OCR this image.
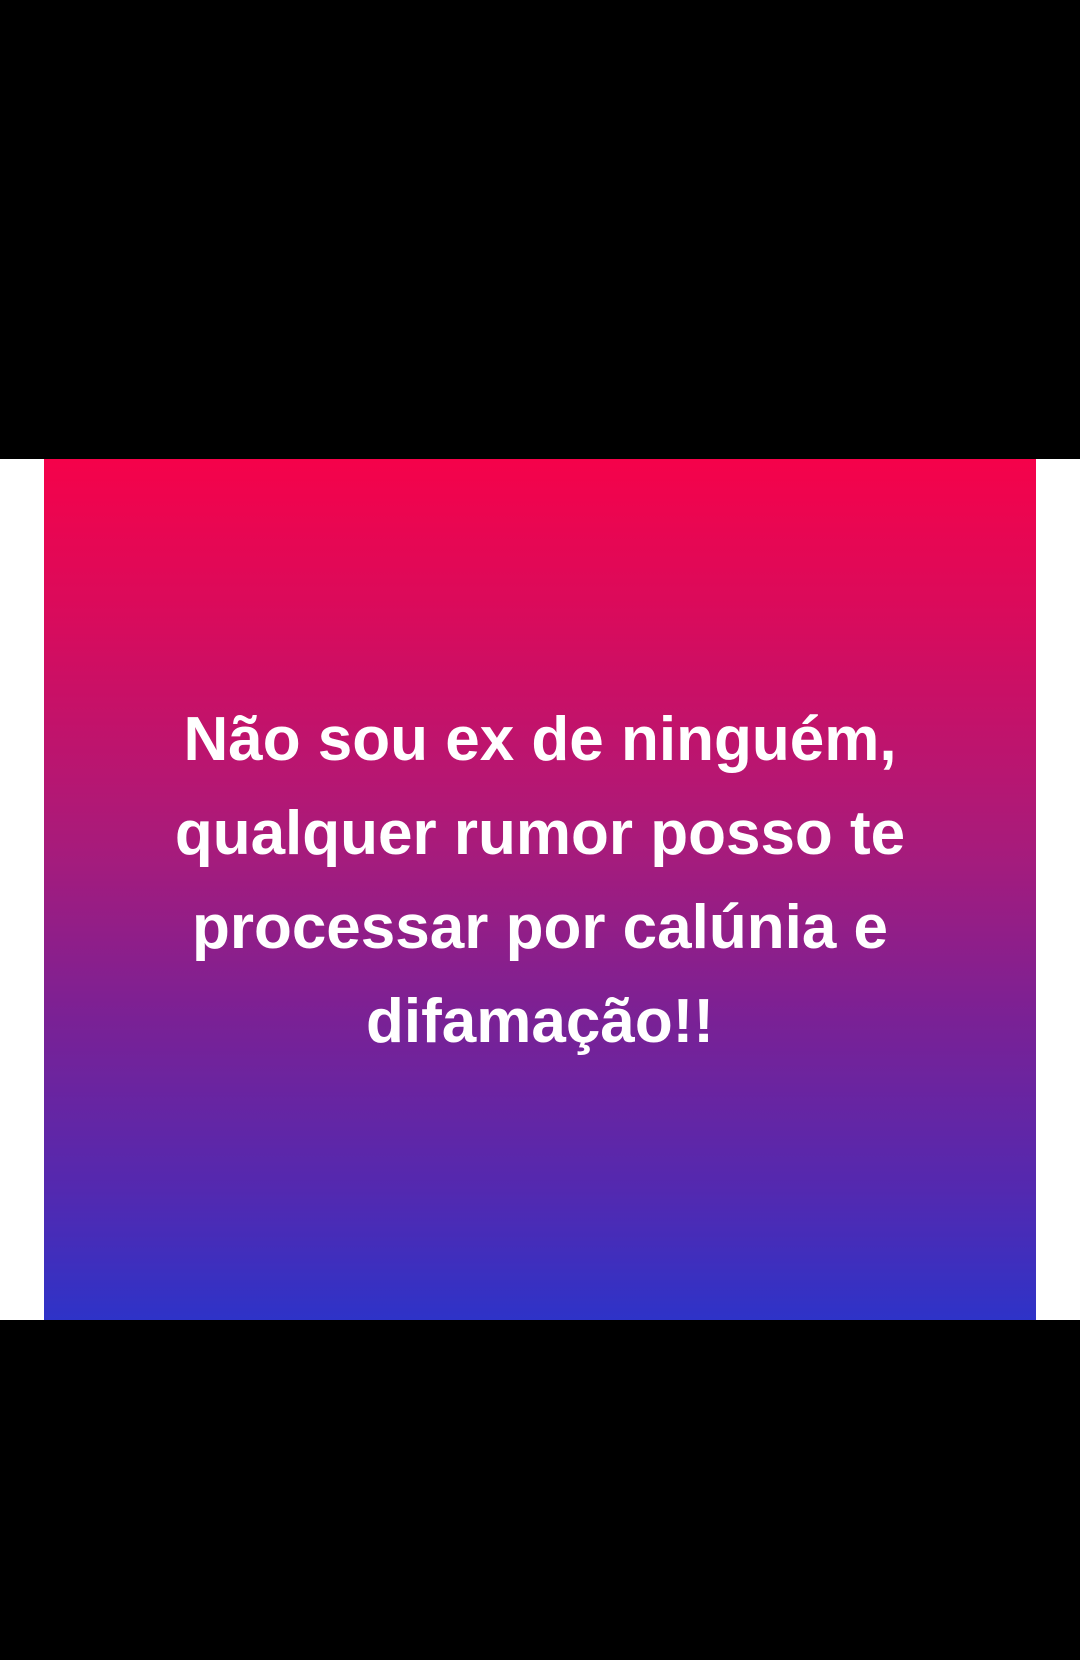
Não sou ex de ninguém,
qualquer rumor posso te
processar por calúnia e
difamação!!
